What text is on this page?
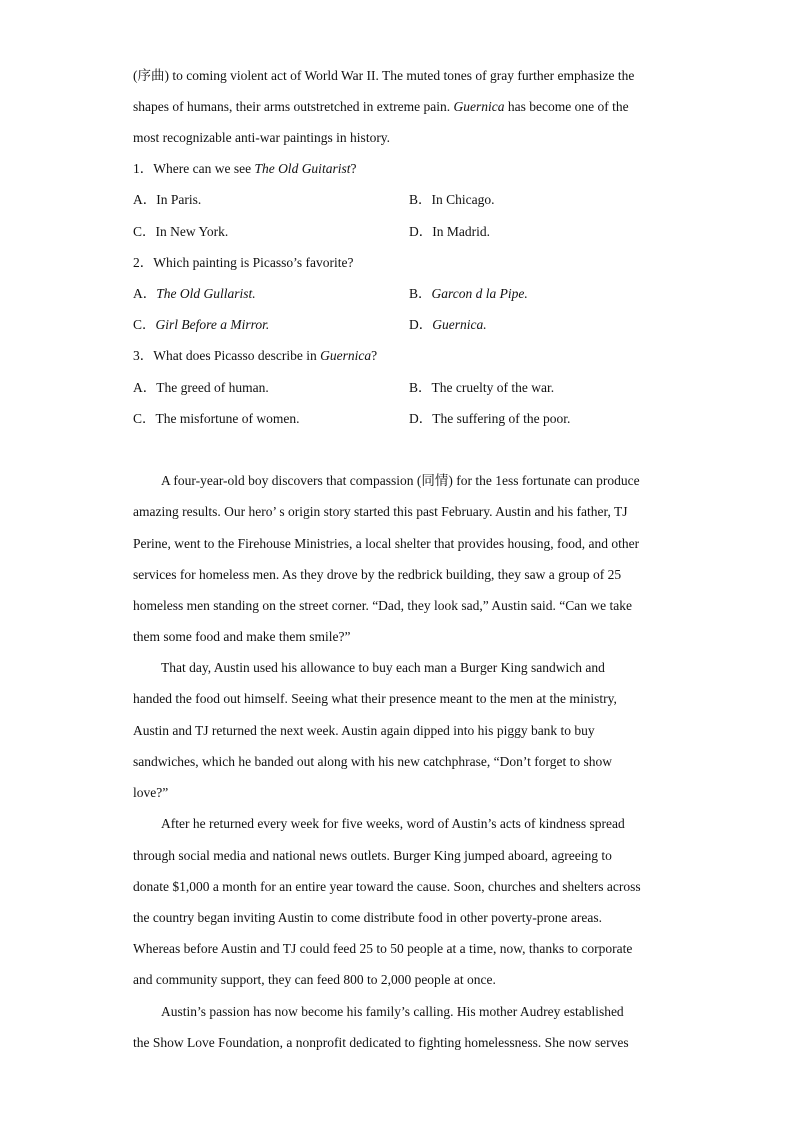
(序曲) to coming violent act of World War II. The muted tones of gray further emphasize the
shapes of humans, their arms outstretched in extreme pain. Guernica has become one of the
most recognizable anti-war paintings in history.
1．Where can we see The Old Guitarist?
A．In Paris.	B．In Chicago.
C．In New York.	D．In Madrid.
2．Which painting is Picasso’s favorite?
A．The Old Gullarist.	B．Garcon d la Pipe.
C．Girl Before a Mirror.	D．Guernica.
3．What does Picasso describe in Guernica?
A．The greed of human.	B．The cruelty of the war.
C．The misfortune of women.	D．The suffering of the poor.
A four-year-old boy discovers that compassion (同情) for the 1ess fortunate can produce
amazing results. Our hero’ s origin story started this past February. Austin and his father, TJ
Perine, went to the Firehouse Ministries, a local shelter that provides housing, food, and other
services for homeless men. As they drove by the redbrick building, they saw a group of 25
homeless men standing on the street corner. “Dad, they look sad,” Austin said. “Can we take
them some food and make them smile?”
That day, Austin used his allowance to buy each man a Burger King sandwich and
handed the food out himself. Seeing what their presence meant to the men at the ministry,
Austin and TJ returned the next week. Austin again dipped into his piggy bank to buy
sandwiches, which he banded out along with his new catchphrase, “Don’t forget to show
love?”
After he returned every week for five weeks, word of Austin’s acts of kindness spread
through social media and national news outlets. Burger King jumped aboard, agreeing to
donate $1,000 a month for an entire year toward the cause. Soon, churches and shelters across
the country began inviting Austin to come distribute food in other poverty-prone areas.
Whereas before Austin and TJ could feed 25 to 50 people at a time, now, thanks to corporate
and community support, they can feed 800 to 2,000 people at once.
Austin’s passion has now become his family’s calling. His mother Audrey established
the Show Love Foundation, a nonprofit dedicated to fighting homelessness. She now serves
